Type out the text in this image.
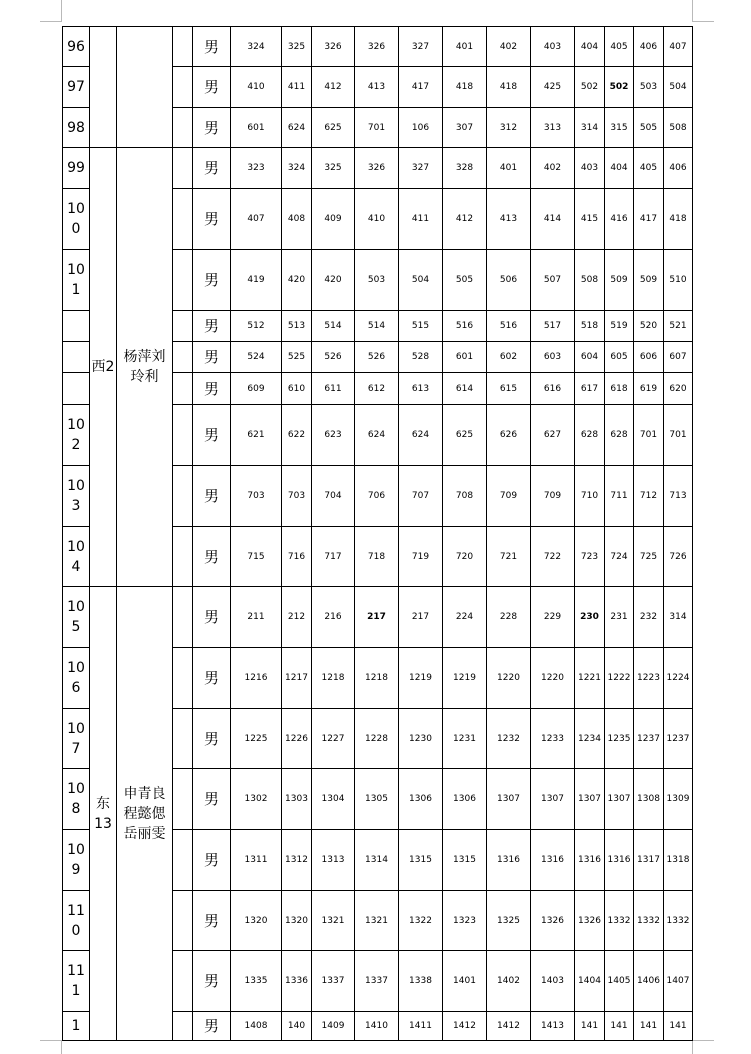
96				男	324	325	326	326	327	401	402	403	404	405	406	407
97				男	410	411	412	413	417	418	418	425	502	502	503	504
98				男	601	624	625	701	106	307	312	313	314	315	505	508
99	西2	杨萍刘玲利		男	323	324	325	326	327	328	401	402	403	404	405	406
100				男	407	408	409	410	411	412	413	414	415	416	417	418
101				男	419	420	420	503	504	505	506	507	508	509	509	510
				男	512	513	514	514	515	516	516	517	518	519	520	521
				男	524	525	526	526	528	601	602	603	604	605	606	607
				男	609	610	611	612	613	614	615	616	617	618	619	620
102				男	621	622	623	624	624	625	626	627	628	628	701	701
103				男	703	703	704	706	707	708	709	709	710	711	712	713
104				男	715	716	717	718	719	720	721	722	723	724	725	726
105	东13	申青良程懿偲岳丽雯		男	211	212	216	217	217	224	228	229	230	231	232	314
106				男	1216	1217	1218	1218	1219	1219	1220	1220	1221	1222	1223	1224
107				男	1225	1226	1227	1228	1230	1231	1232	1233	1234	1235	1237	1237
108				男	1302	1303	1304	1305	1306	1306	1307	1307	1307	1307	1308	1309
109				男	1311	1312	1313	1314	1315	1315	1316	1316	1316	1316	1317	1318
110				男	1320	1320	1321	1321	1322	1323	1325	1326	1326	1332	1332	1332
111				男	1335	1336	1337	1337	1338	1401	1402	1403	1404	1405	1406	1407
1				男	1408	140	1409	1410	1411	1412	1412	1413	141	141	141	141
